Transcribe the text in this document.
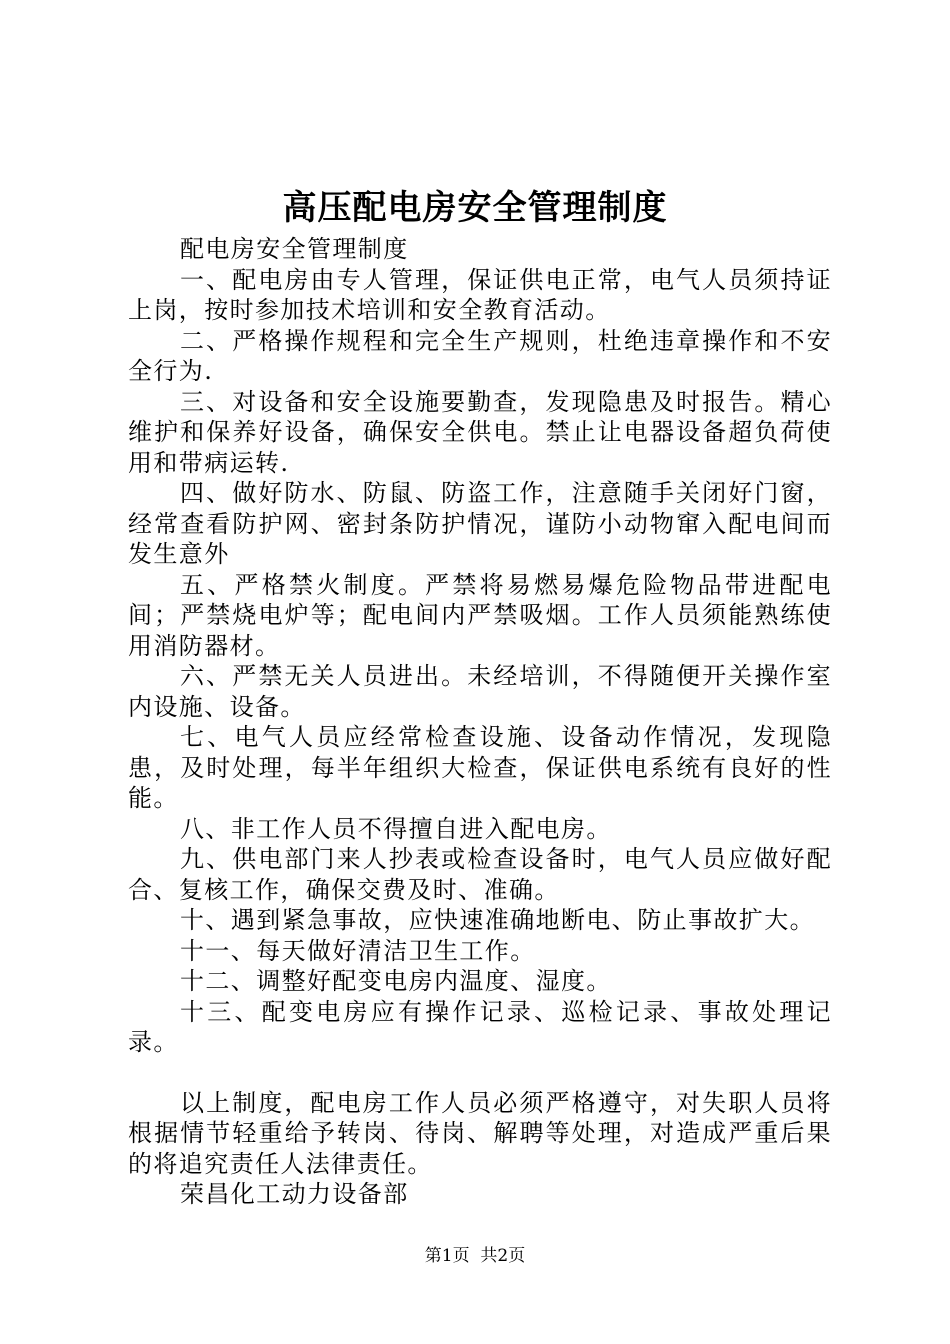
高压配电房安全管理制度

配电房安全管理制度

一、配电房由专人管理，保证供电正常，电气人员须持证上岗，按时参加技术培训和安全教育活动。

二、严格操作规程和完全生产规则，杜绝违章操作和不安全行为.

三、对设备和安全设施要勤查，发现隐患及时报告。精心维护和保养好设备，确保安全供电。禁止让电器设备超负荷使用和带病运转.

四、做好防水、防鼠、防盗工作，注意随手关闭好门窗，经常查看防护网、密封条防护情况，谨防小动物窜入配电间而发生意外

五、严格禁火制度。严禁将易燃易爆危险物品带进配电间；严禁烧电炉等；配电间内严禁吸烟。工作人员须能熟练使用消防器材。

六、严禁无关人员进出。未经培训，不得随便开关操作室内设施、设备。

七、电气人员应经常检查设施、设备动作情况，发现隐患，及时处理，每半年组织大检查，保证供电系统有良好的性能。

八、非工作人员不得擅自进入配电房。

九、供电部门来人抄表或检查设备时，电气人员应做好配合、复核工作，确保交费及时、准确。

十、遇到紧急事故，应快速准确地断电、防止事故扩大。

十一、每天做好清洁卫生工作。

十二、调整好配变电房内温度、湿度。

十三、配变电房应有操作记录、巡检记录、事故处理记录。

以上制度，配电房工作人员必须严格遵守，对失职人员将根据情节轻重给予转岗、待岗、解聘等处理，对造成严重后果的将追究责任人法律责任。

荣昌化工动力设备部

第1页 共2页
